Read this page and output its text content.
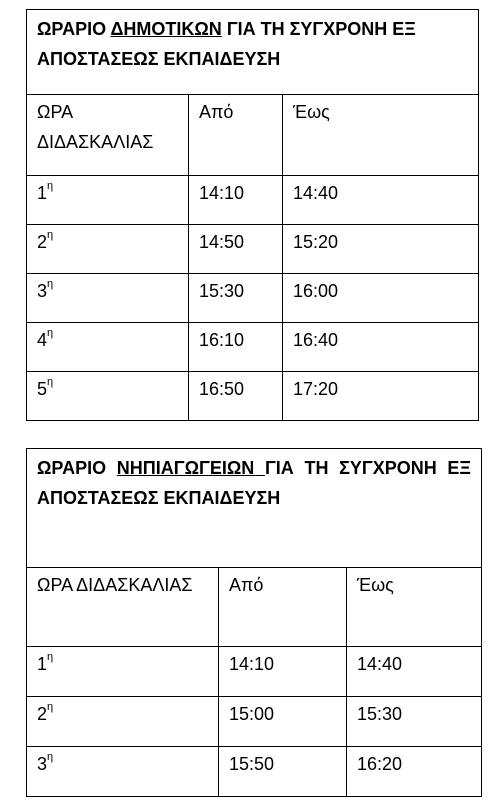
ΩΡΑΡΙΟ ΔΗΜΟΤΙΚΩΝ ΓΙΑ ΤΗ ΣΥΓΧΡΟΝΗ ΕΞ ΑΠΟΣΤΑΣΕΩΣ ΕΚΠΑΙΔΕΥΣΗ		
ΩΡΑ ΔΙΔΑΣΚΑΛΙΑΣ	Από	Έως
$1^\eta$	14:10	14:40
$2^\eta$	14:50	15:20
$3^\eta$	15:30	16:00
$4^\eta$	16:10	16:40
$5^\eta$	16:50	17:20
ΩΡΑΡΙΟ ΝΗΠΙΑΓΩΓΕΙΩΝ ΓΙΑ ΤΗ ΣΥΓΧΡΟΝΗ ΕΞ ΑΠΟΣΤΑΣΕΩΣ ΕΚΠΑΙΔΕΥΣΗ		
ΩΡΑ ΔΙΔΑΣΚΑΛΙΑΣ	Από	Έως
$1^\eta$	14:10	14:40
$2^\eta$	15:00	15:30
$3^\eta$	15:50	16:20
